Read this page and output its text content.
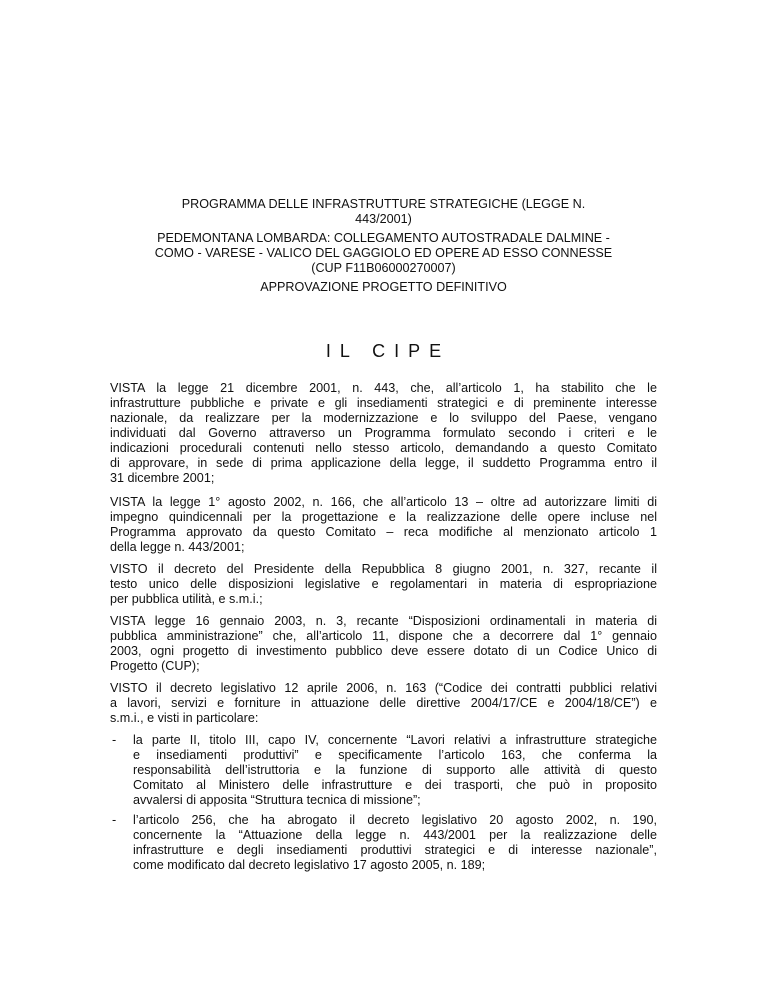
PROGRAMMA DELLE INFRASTRUTTURE STRATEGICHE (LEGGE N.
443/2001)
PEDEMONTANA LOMBARDA: COLLEGAMENTO AUTOSTRADALE DALMINE -
COMO - VARESE - VALICO DEL GAGGIOLO ED OPERE AD ESSO CONNESSE
(CUP F11B06000270007)
APPROVAZIONE PROGETTO DEFINITIVO
IL CIPE
VISTA la legge 21 dicembre 2001, n. 443, che, all’articolo 1, ha stabilito che le
infrastrutture pubbliche e private e gli insediamenti strategici e di preminente interesse
nazionale, da realizzare per la modernizzazione e lo sviluppo del Paese, vengano
individuati dal Governo attraverso un Programma formulato secondo i criteri e le
indicazioni procedurali contenuti nello stesso articolo, demandando a questo Comitato
di approvare, in sede di prima applicazione della legge, il suddetto Programma entro il
31 dicembre 2001;
VISTA la legge 1° agosto 2002, n. 166, che all’articolo 13 – oltre ad autorizzare limiti di
impegno quindicennali per la progettazione e la realizzazione delle opere incluse nel
Programma approvato da questo Comitato – reca modifiche al menzionato articolo 1
della legge n. 443/2001;
VISTO il decreto del Presidente della Repubblica 8 giugno 2001, n. 327, recante il
testo unico delle disposizioni legislative e regolamentari in materia di espropriazione
per pubblica utilità, e s.m.i.;
VISTA legge 16 gennaio 2003, n. 3, recante “Disposizioni ordinamentali in materia di
pubblica amministrazione” che, all’articolo 11, dispone che a decorrere dal 1° gennaio
2003, ogni progetto di investimento pubblico deve essere dotato di un Codice Unico di
Progetto (CUP);
VISTO il decreto legislativo 12 aprile 2006, n. 163 (“Codice dei contratti pubblici relativi
a lavori, servizi e forniture in attuazione delle direttive 2004/17/CE e 2004/18/CE”) e
s.m.i., e visti in particolare:
- la parte II, titolo III, capo IV, concernente “Lavori relativi a infrastrutture strategiche
e insediamenti produttivi” e specificamente l’articolo 163, che conferma la
responsabilità dell’istruttoria e la funzione di supporto alle attività di questo
Comitato al Ministero delle infrastrutture e dei trasporti, che può in proposito
avvalersi di apposita “Struttura tecnica di missione”;
- l’articolo 256, che ha abrogato il decreto legislativo 20 agosto 2002, n. 190,
concernente la “Attuazione della legge n. 443/2001 per la realizzazione delle
infrastrutture e degli insediamenti produttivi strategici e di interesse nazionale”,
come modificato dal decreto legislativo 17 agosto 2005, n. 189;
